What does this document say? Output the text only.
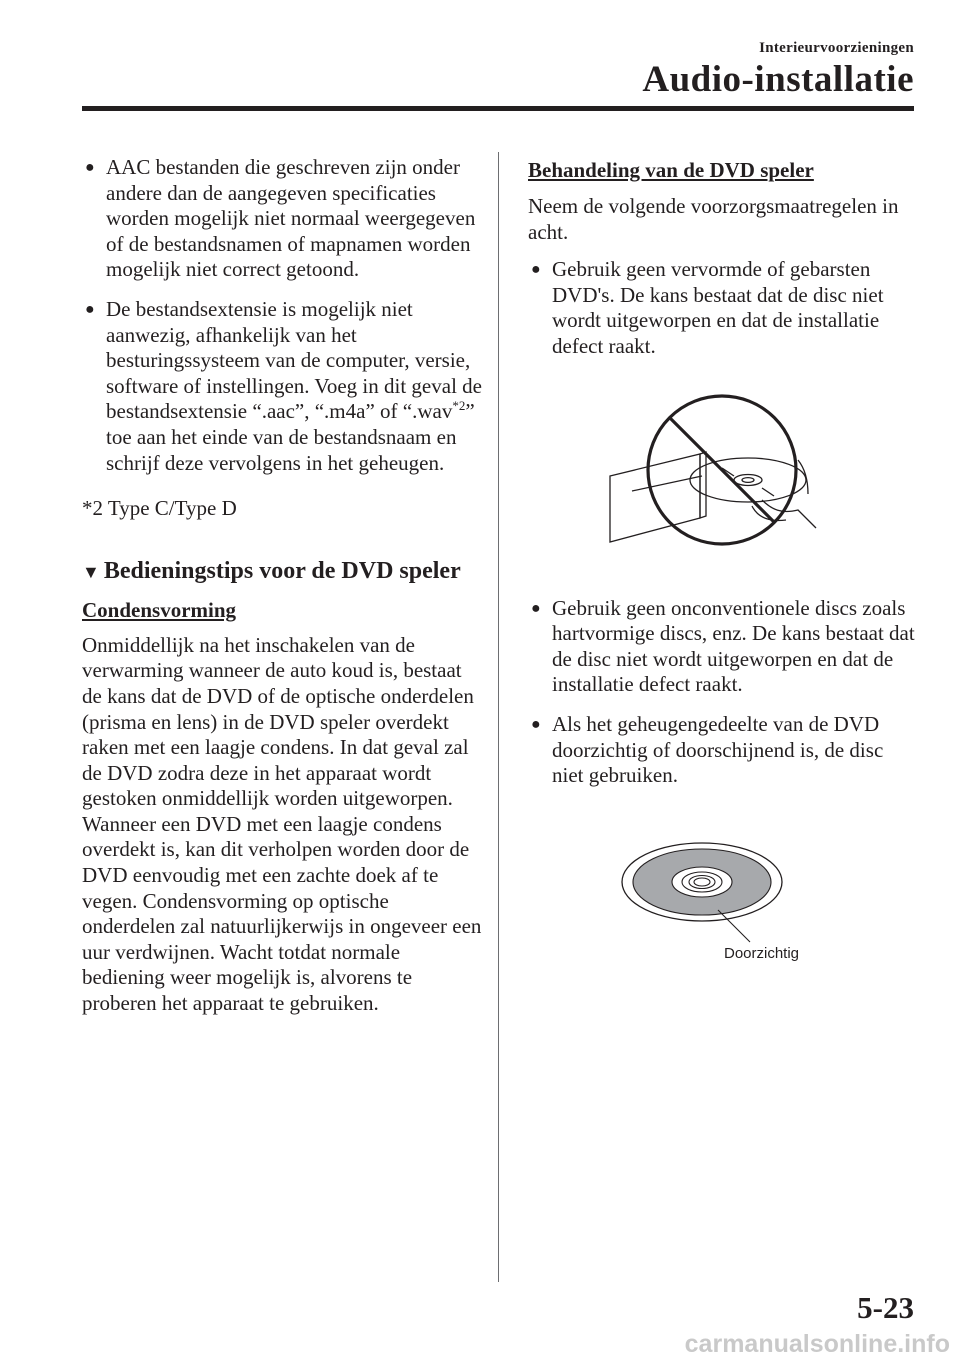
Interieurvoorzieningen
Audio-installatie
● AAC bestanden die geschreven zijn onder andere dan de aangegeven specificaties worden mogelijk niet normaal weergegeven of de bestandsnamen of mapnamen worden mogelijk niet correct getoond.
● De bestandsextensie is mogelijk niet aanwezig, afhankelijk van het besturingssysteem van de computer, versie, software of instellingen. Voeg in dit geval de bestandsextensie “.aac”, “.m4a” of “.wav$^{*2}$” toe aan het einde van de bestandsnaam en schrijf deze vervolgens in het geheugen.
*2 Type C/Type D
▼ Bedieningstips voor de DVD speler
Condensvorming
Onmiddellijk na het inschakelen van de verwarming wanneer de auto koud is, bestaat de kans dat de DVD of de optische onderdelen (prisma en lens) in de DVD speler overdekt raken met een laagje condens. In dat geval zal de DVD zodra deze in het apparaat wordt gestoken onmiddellijk worden uitgeworpen. Wanneer een DVD met een laagje condens overdekt is, kan dit verholpen worden door de DVD eenvoudig met een zachte doek af te vegen. Condensvorming op optische onderdelen zal natuurlijkerwijs in ongeveer een uur verdwijnen. Wacht totdat normale bediening weer mogelijk is, alvorens te proberen het apparaat te gebruiken.
Behandeling van de DVD speler
Neem de volgende voorzorgsmaatregelen in acht.
● Gebruik geen vervormde of gebarsten DVD's. De kans bestaat dat de disc niet wordt uitgeworpen en dat de installatie defect raakt.
● Gebruik geen onconventionele discs zoals hartvormige discs, enz. De kans bestaat dat de disc niet wordt uitgeworpen en dat de installatie defect raakt.
● Als het geheugengedeelte van de DVD doorzichtig of doorschijnend is, de disc niet gebruiken.
Doorzichtig
5-23
carmanualsonline.info
